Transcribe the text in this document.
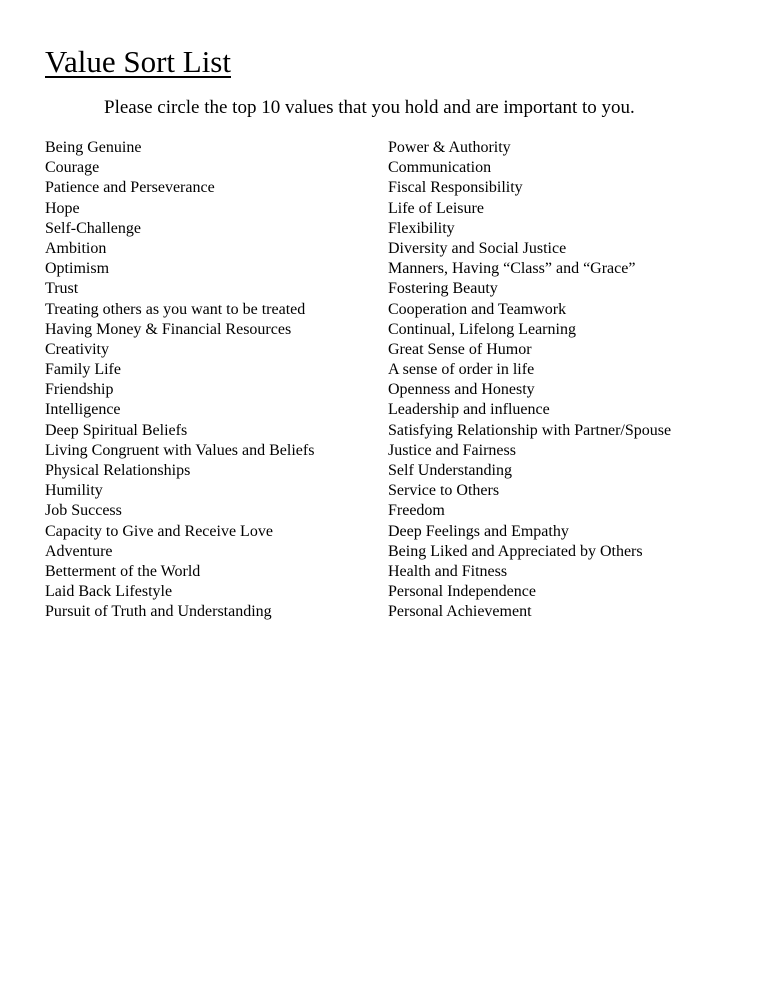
Value Sort List
Please circle the top 10 values that you hold and are important to you.
Being Genuine
Courage
Patience and Perseverance
Hope
Self-Challenge
Ambition
Optimism
Trust
Treating others as you want to be treated
Having Money & Financial Resources
Creativity
Family Life
Friendship
Intelligence
Deep Spiritual Beliefs
Living Congruent with Values and Beliefs
Physical Relationships
Humility
Job Success
Capacity to Give and Receive Love
Adventure
Betterment of the World
Laid Back Lifestyle
Pursuit of Truth and Understanding
Power & Authority
Communication
Fiscal Responsibility
Life of Leisure
Flexibility
Diversity and Social Justice
Manners, Having “Class” and “Grace”
Fostering Beauty
Cooperation and Teamwork
Continual, Lifelong Learning
Great Sense of Humor
A sense of order in life
Openness and Honesty
Leadership and influence
Satisfying Relationship with Partner/Spouse
Justice and Fairness
Self Understanding
Service to Others
Freedom
Deep Feelings and Empathy
Being Liked and Appreciated by Others
Health and Fitness
Personal Independence
Personal Achievement
